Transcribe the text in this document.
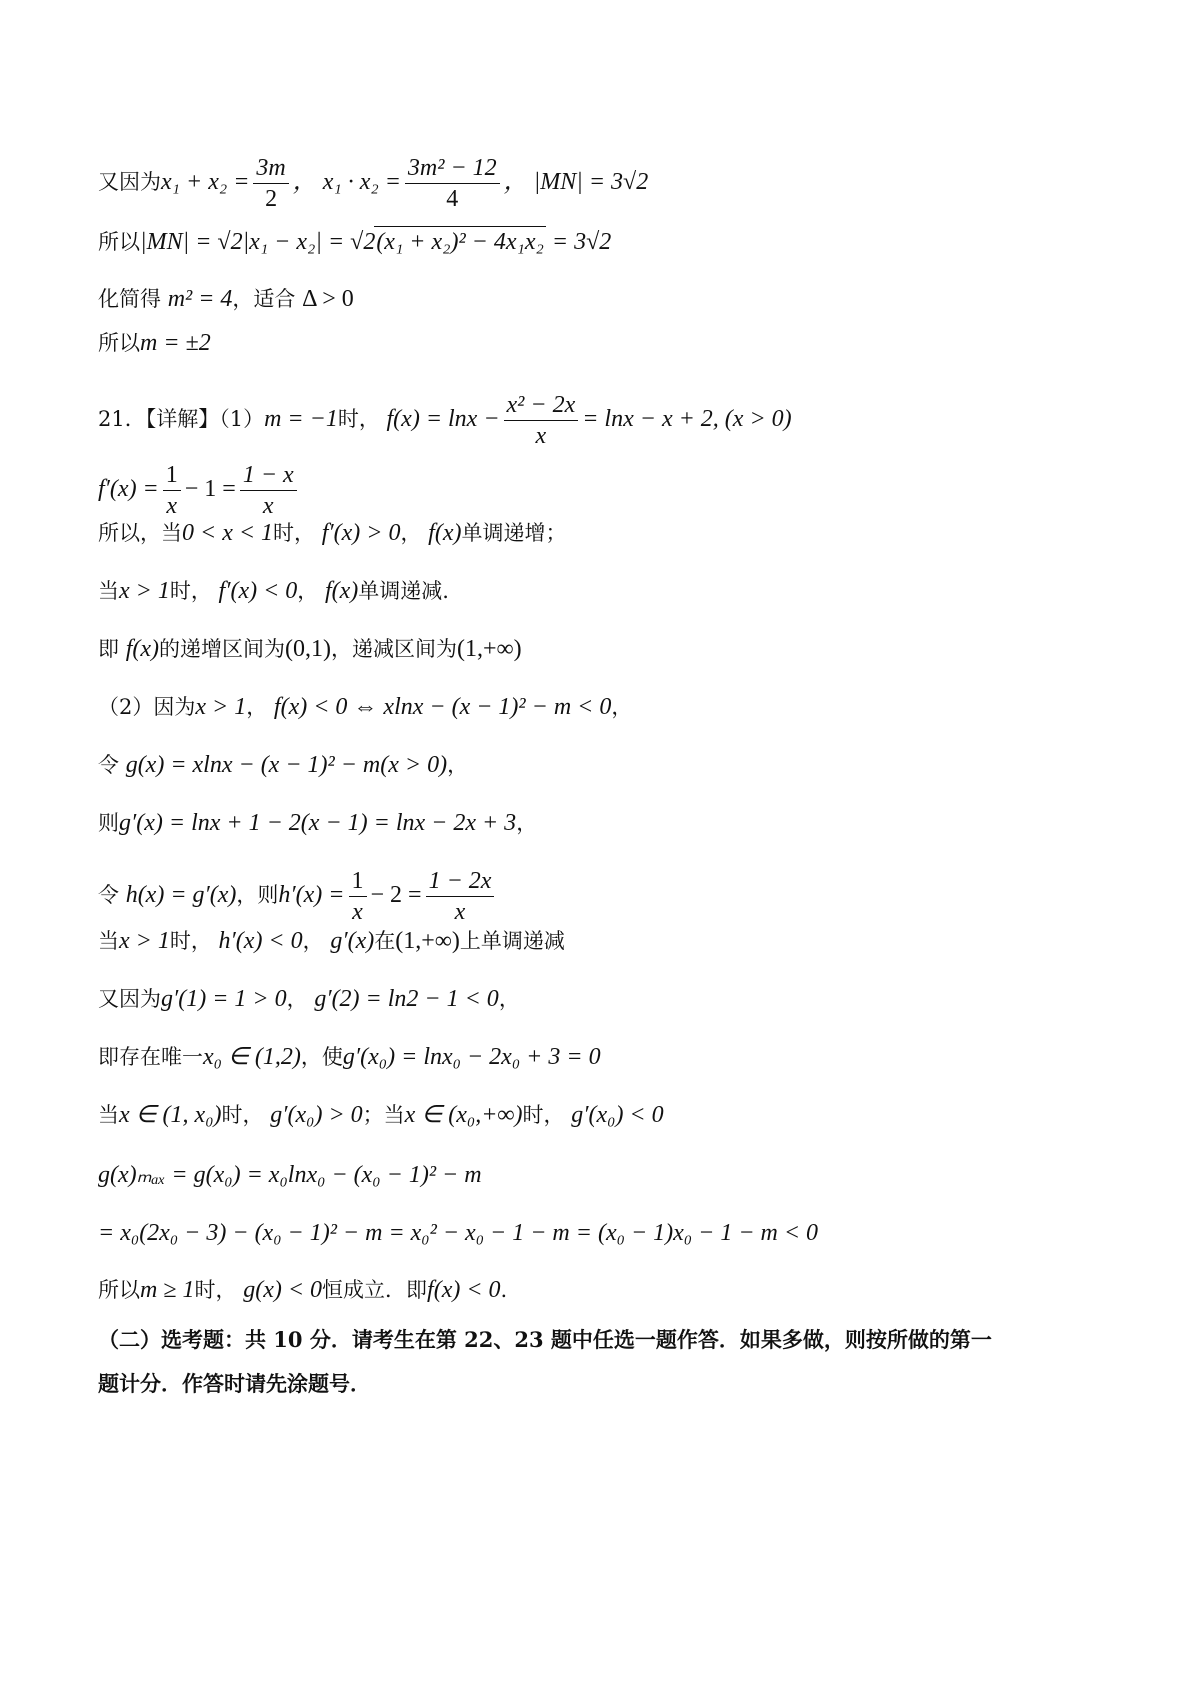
又因为$x_1 + x_2 = \frac{3m}{2}$ ， $x_1 \cdot x_2 = \frac{\text{3m² − 12}}{4}$ ， |MN| = 3√2
所以|MN| = √2|x₁ − x₂| = √2(x₁ + x₂)² − 4x₁x₂ = 3√2
化简得 m² = 4，适合 Δ > 0
所以m = ±2
21．【详解】（1）m = −1时， $f(x) = \ln x - \frac{\text{x² − 2x}}{x} = \ln x - x + 2$, (x > 0)
$f'(x) = \frac{1}{x} - 1 = \frac{1 - x}{x}$
所以，当0 < x < 1时， f′(x) > 0， f(x)单调递增；
当x > 1时， f′(x) < 0， f(x)单调递减.
即 f(x)的递增区间为(0,1)，递减区间为(1,+∞)
（2）因为x > 1， f(x) < 0 ⇔ xlnx − (x − 1)² − m < 0，
令 g(x) = xlnx − (x − 1)² − m(x > 0)，
则g′(x) = lnx + 1 − 2(x − 1) = lnx − 2x + 3，
令 h(x) = g′(x)，则$h'(x) = \frac{1}{x} - 2 = \frac{1 - 2x}{x}$
当x > 1时， h′(x) < 0， g′(x)在(1,+∞)上单调递减
又因为g′(1) = 1 > 0， g′(2) = ln2 − 1 < 0，
即存在唯一x₀ ∈ (1,2)，使g′(x₀) = lnx₀ − 2x₀ + 3 = 0
当x ∈ (1, x₀)时， g′(x₀) > 0；当x ∈ (x₀,+∞)时， g′(x₀) < 0
g(x)ₘₐₓ = g(x₀) = x₀lnx₀ − (x₀ − 1)² − m
= x₀(2x₀ − 3) − (x₀ − 1)² − m = x₀² − x₀ − 1 − m = (x₀ − 1)x₀ − 1 − m < 0
所以m ≥ 1时， g(x) < 0恒成立．即f(x) < 0.
（二）选考题：共 10 分．请考生在第 22、23 题中任选一题作答．如果多做，则按所做的第一
题计分．作答时请先涂题号．
